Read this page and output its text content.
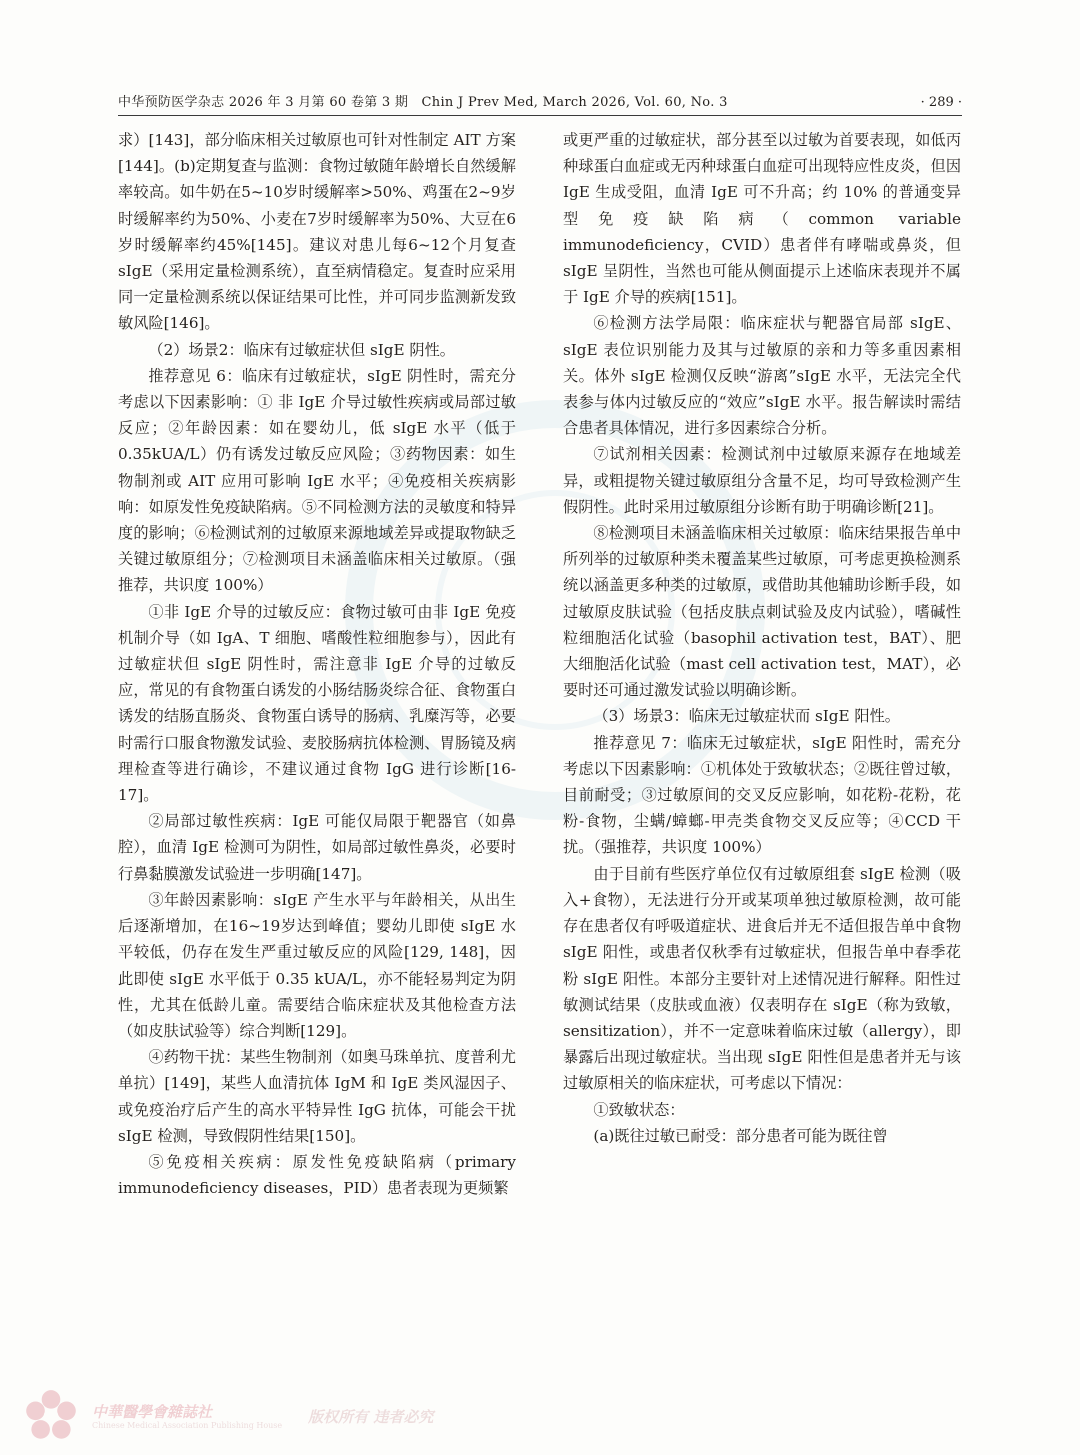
中华预防医学杂志 2026 年 3 月第 60 卷第 3 期　Chin J Prev Med, March 2026, Vol. 60, No. 3	· 289 ·

求）[143]，部分临床相关过敏原也可针对性制定 AIT 方案[144]。(b)定期复查与监测：食物过敏随年龄增长自然缓解率较高。如牛奶在5~10岁时缓解率>50%、鸡蛋在2~9岁时缓解率约为50%、小麦在7岁时缓解率为50%、大豆在6岁时缓解率约45%[145]。建议对患儿每6~12个月复查 sIgE（采用定量检测系统），直至病情稳定。复查时应采用同一定量检测系统以保证结果可比性，并可同步监测新发致敏风险[146]。

（2）场景2：临床有过敏症状但 sIgE 阴性。

推荐意见 6：临床有过敏症状，sIgE 阴性时，需充分考虑以下因素影响：① 非 IgE 介导过敏性疾病或局部过敏反应；②年龄因素：如在婴幼儿，低 sIgE 水平（低于 0.35kUA/L）仍有诱发过敏反应风险；③药物因素：如生物制剂或 AIT 应用可影响 IgE 水平；④免疫相关疾病影响：如原发性免疫缺陷病。⑤不同检测方法的灵敏度和特异度的影响；⑥检测试剂的过敏原来源地域差异或提取物缺乏关键过敏原组分；⑦检测项目未涵盖临床相关过敏原。（强推荐，共识度 100%）

①非 IgE 介导的过敏反应：食物过敏可由非 IgE 免疫机制介导（如 IgA、T 细胞、嗜酸性粒细胞参与），因此有过敏症状但 sIgE 阴性时，需注意非 IgE 介导的过敏反应，常见的有食物蛋白诱发的小肠结肠炎综合征、食物蛋白诱发的结肠直肠炎、食物蛋白诱导的肠病、乳糜泻等，必要时需行口服食物激发试验、麦胶肠病抗体检测、胃肠镜及病理检查等进行确诊，不建议通过食物 IgG 进行诊断[16-17]。

②局部过敏性疾病：IgE 可能仅局限于靶器官（如鼻腔），血清 IgE 检测可为阴性，如局部过敏性鼻炎，必要时行鼻黏膜激发试验进一步明确[147]。

③年龄因素影响：sIgE 产生水平与年龄相关，从出生后逐渐增加，在16~19岁达到峰值；婴幼儿即使 sIgE 水平较低，仍存在发生严重过敏反应的风险[129, 148]，因此即使 sIgE 水平低于 0.35 kUA/L，亦不能轻易判定为阴性，尤其在低龄儿童。需要结合临床症状及其他检查方法（如皮肤试验等）综合判断[129]。

④药物干扰：某些生物制剂（如奥马珠单抗、度普利尤单抗）[149]，某些人血清抗体 IgM 和 IgE 类风湿因子、或免疫治疗后产生的高水平特异性 IgG 抗体，可能会干扰 sIgE 检测，导致假阴性结果[150]。

⑤免疫相关疾病：原发性免疫缺陷病（primary immunodeficiency diseases，PID）患者表现为更频繁

或更严重的过敏症状，部分甚至以过敏为首要表现，如低丙种球蛋白血症或无丙种球蛋白血症可出现特应性皮炎，但因 IgE 生成受阻，血清 IgE 可不升高；约 10% 的普通变异型免疫缺陷病（common variable immunodeficiency，CVID）患者伴有哮喘或鼻炎，但 sIgE 呈阴性，当然也可能从侧面提示上述临床表现并不属于 IgE 介导的疾病[151]。

⑥检测方法学局限：临床症状与靶器官局部 sIgE、sIgE 表位识别能力及其与过敏原的亲和力等多重因素相关。体外 sIgE 检测仅反映“游离”sIgE 水平，无法完全代表参与体内过敏反应的“效应”sIgE 水平。报告解读时需结合患者具体情况，进行多因素综合分析。

⑦试剂相关因素：检测试剂中过敏原来源存在地域差异，或粗提物关键过敏原组分含量不足，均可导致检测产生假阴性。此时采用过敏原组分诊断有助于明确诊断[21]。

⑧检测项目未涵盖临床相关过敏原：临床结果报告单中所列举的过敏原种类未覆盖某些过敏原，可考虑更换检测系统以涵盖更多种类的过敏原，或借助其他辅助诊断手段，如过敏原皮肤试验（包括皮肤点刺试验及皮内试验），嗜碱性粒细胞活化试验（basophil activation test，BAT）、肥大细胞活化试验（mast cell activation test，MAT），必要时还可通过激发试验以明确诊断。

（3）场景3：临床无过敏症状而 sIgE 阳性。

推荐意见 7：临床无过敏症状，sIgE 阳性时，需充分考虑以下因素影响：①机体处于致敏状态；②既往曾过敏，目前耐受；③过敏原间的交叉反应影响，如花粉-花粉，花粉-食物，尘螨/蟑螂-甲壳类食物交叉反应等；④CCD 干扰。（强推荐，共识度 100%）

由于目前有些医疗单位仅有过敏原组套 sIgE 检测（吸入+食物），无法进行分开或某项单独过敏原检测，故可能存在患者仅有呼吸道症状、进食后并无不适但报告单中食物 sIgE 阳性，或患者仅秋季有过敏症状，但报告单中春季花粉 sIgE 阳性。本部分主要针对上述情况进行解释。阳性过敏测试结果（皮肤或血液）仅表明存在 sIgE（称为致敏，sensitization），并不一定意味着临床过敏（allergy），即暴露后出现过敏症状。当出现 sIgE 阳性但是患者并无与该过敏原相关的临床症状，可考虑以下情况：

①致敏状态：

(a)既往过敏已耐受：部分患者可能为既往曾

中華醫學會雜誌社
Chinese Medical Association Publishing House 版权所有 违者必究
